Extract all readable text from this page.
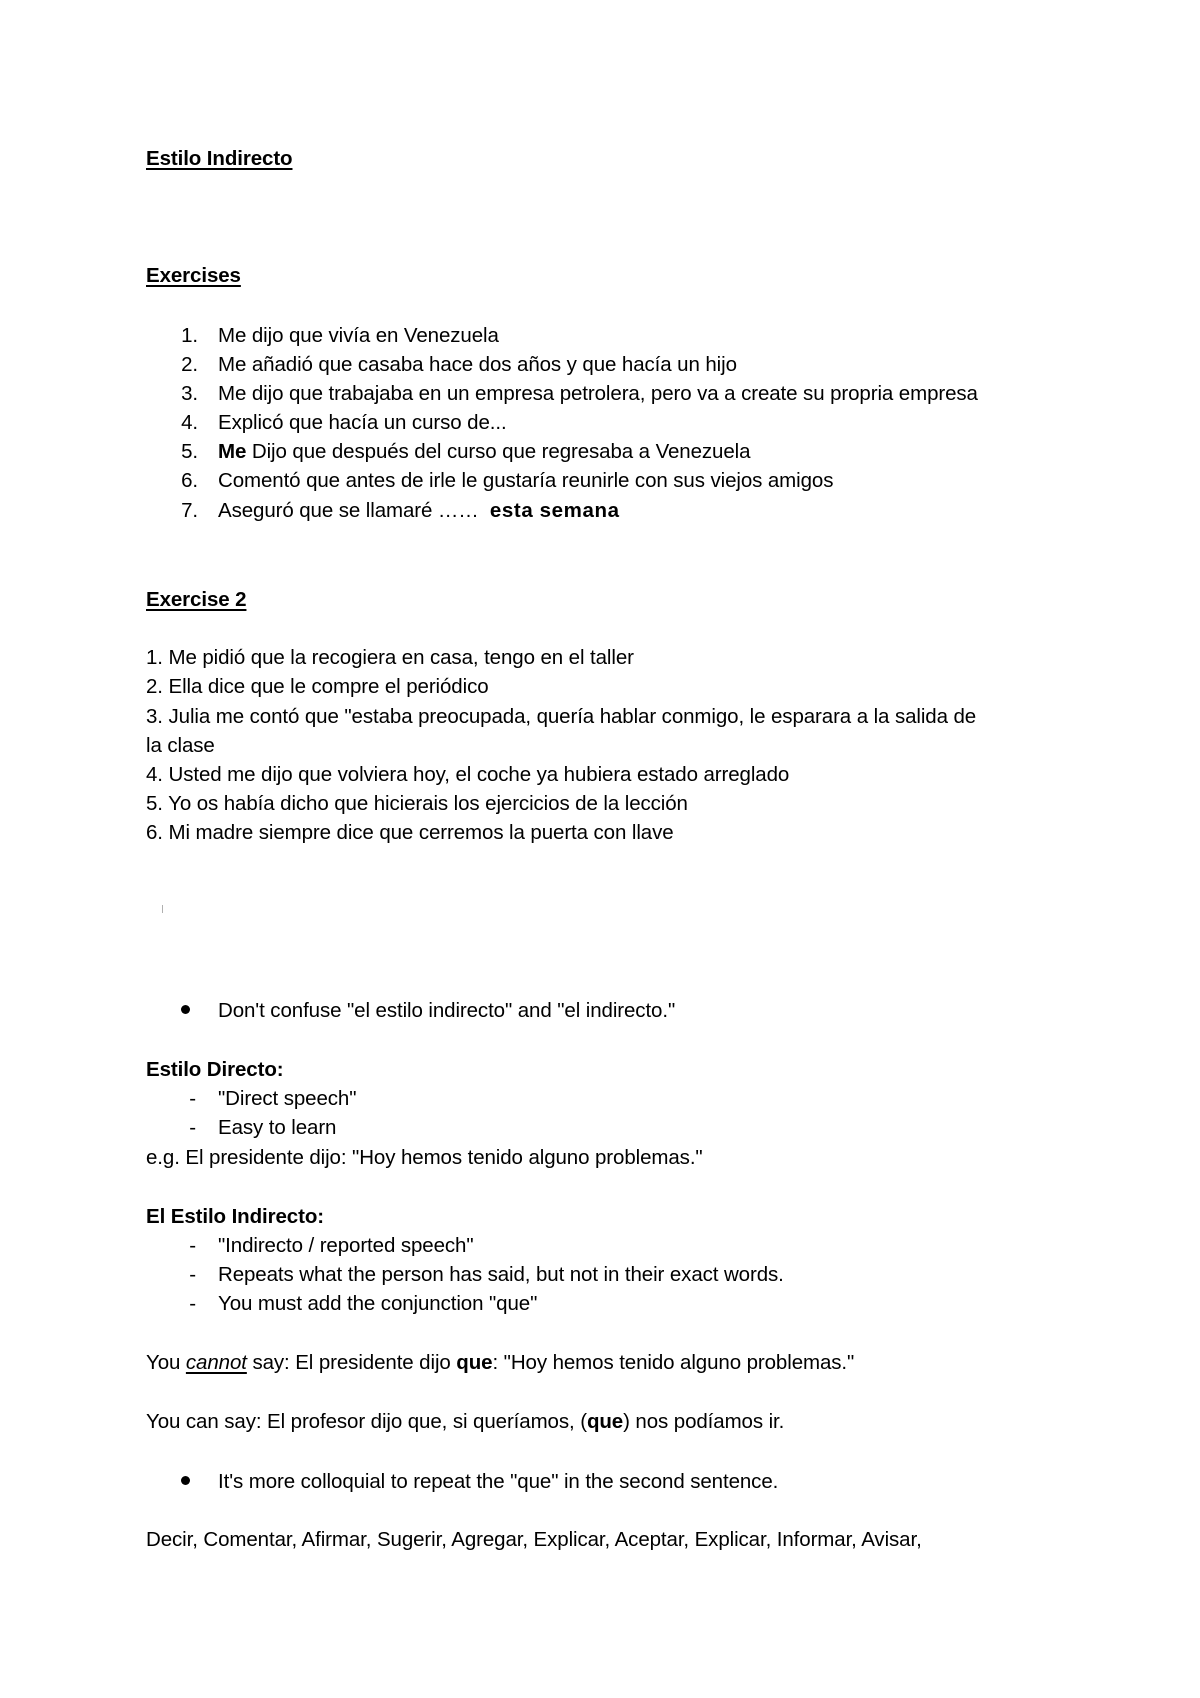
Estilo Indirecto
Exercises
1. Me dijo que vivía en Venezuela
2. Me añadió que casaba hace dos años y que hacía un hijo
3. Me dijo que trabajaba en un empresa petrolera, pero va a create su propria empresa
4. Explicó que hacía un curso de...
5. Me Dijo que después del curso que regresaba a Venezuela
6. Comentó que antes de irle le gustaría reunirle con sus viejos amigos
7. Aseguró que se llamaré ……  esta semana
Exercise 2
1. Me pidió que la recogiera en casa, tengo en el taller
2. Ella dice que le compre el periódico
3. Julia me contó que "estaba preocupada, quería hablar conmigo, le esparara a la salida de
la clase
4. Usted me dijo que volviera hoy, el coche ya hubiera estado arreglado
5. Yo os había dicho que hicierais los ejercicios de la lección
6. Mi madre siempre dice que cerremos la puerta con llave
Don't confuse "el estilo indirecto" and "el indirecto."
Estilo Directo:
- "Direct speech"
- Easy to learn
e.g. El presidente dijo: "Hoy hemos tenido alguno problemas."
El Estilo Indirecto:
- "Indirecto / reported speech"
- Repeats what the person has said, but not in their exact words.
- You must add the conjunction "que"
You cannot say: El presidente dijo que: "Hoy hemos tenido alguno problemas."
You can say: El profesor dijo que, si queríamos, (que) nos podíamos ir.
It's more colloquial to repeat the "que" in the second sentence.
Decir, Comentar, Afirmar, Sugerir, Agregar, Explicar, Aceptar, Explicar, Informar, Avisar,
